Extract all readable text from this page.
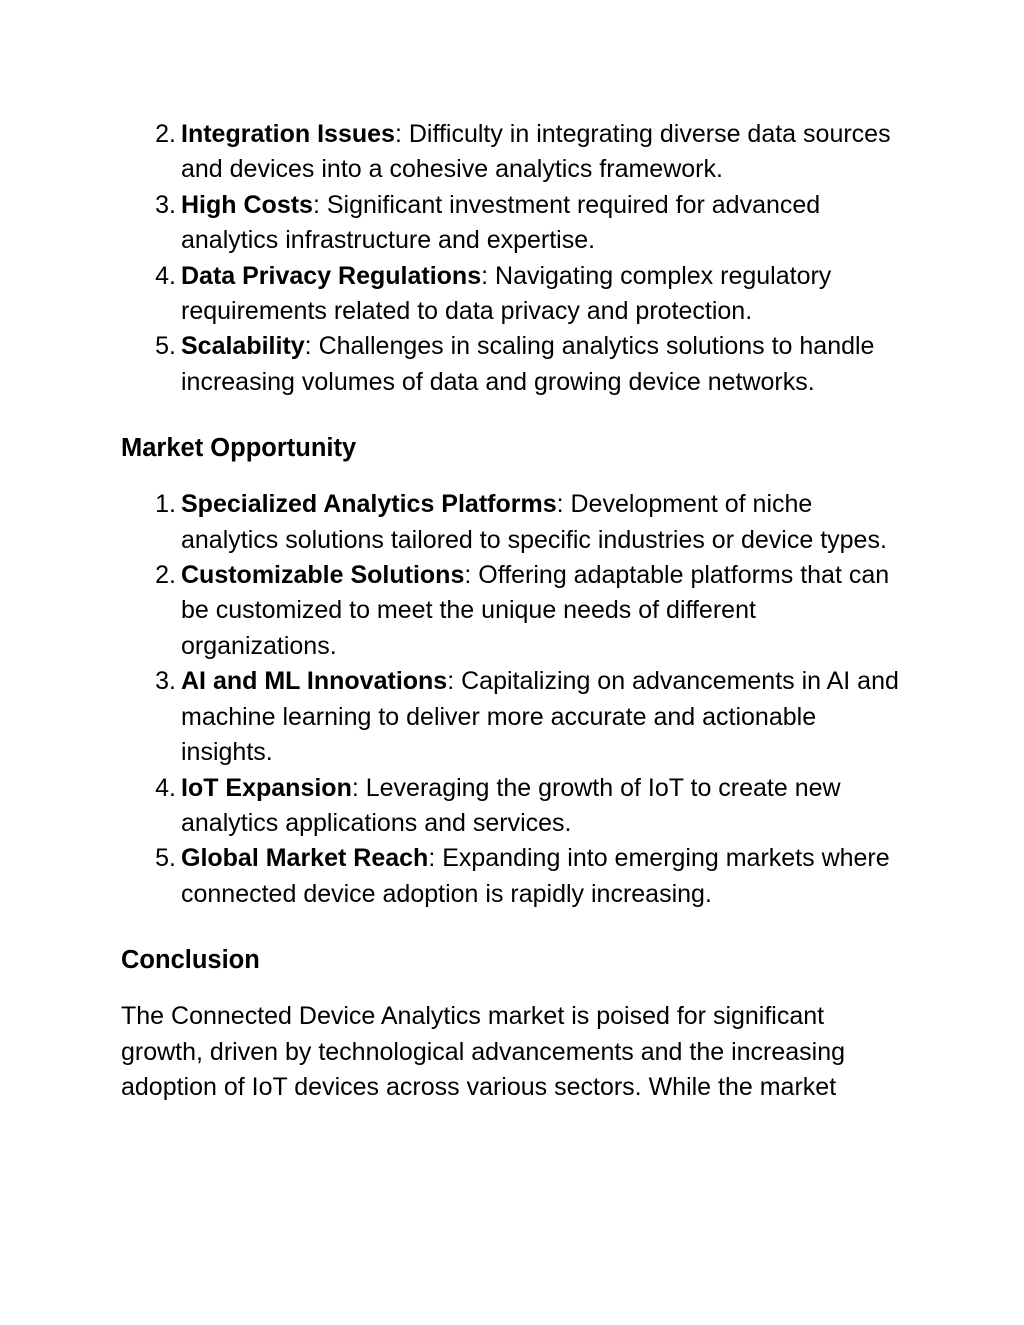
2. Integration Issues: Difficulty in integrating diverse data sources and devices into a cohesive analytics framework.
3. High Costs: Significant investment required for advanced analytics infrastructure and expertise.
4. Data Privacy Regulations: Navigating complex regulatory requirements related to data privacy and protection.
5. Scalability: Challenges in scaling analytics solutions to handle increasing volumes of data and growing device networks.
Market Opportunity
1. Specialized Analytics Platforms: Development of niche analytics solutions tailored to specific industries or device types.
2. Customizable Solutions: Offering adaptable platforms that can be customized to meet the unique needs of different organizations.
3. AI and ML Innovations: Capitalizing on advancements in AI and machine learning to deliver more accurate and actionable insights.
4. IoT Expansion: Leveraging the growth of IoT to create new analytics applications and services.
5. Global Market Reach: Expanding into emerging markets where connected device adoption is rapidly increasing.
Conclusion

The Connected Device Analytics market is poised for significant growth, driven by technological advancements and the increasing adoption of IoT devices across various sectors. While the market
